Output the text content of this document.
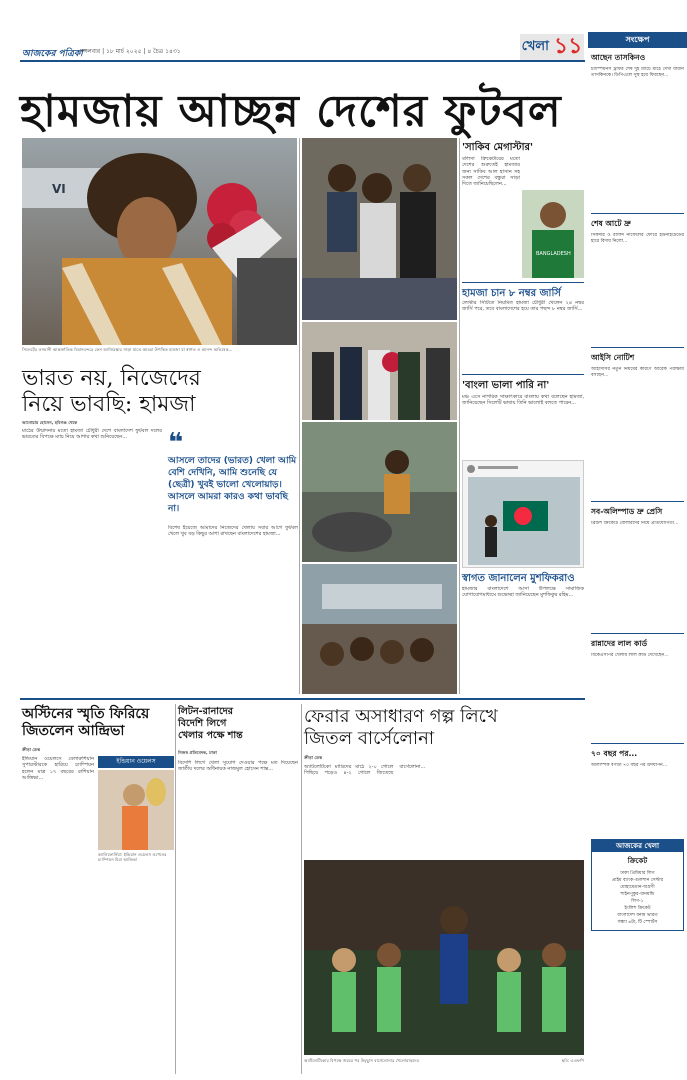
আজকের পত্রিকা
মঙ্গলবার | ১৮ মার্চ ২০২৫ | ৪ চৈত্র ১৪৩১	খেলা ১১
হামজায় আচ্ছন্ন দেশের ফুটবল
VI
সিলেটের ওসমানী আন্তর্জাতিক বিমানবন্দরে ফেন আর্জিরস্কার সাড়া যাতে আমরা উপস্থিত হামজা যা স্বাগত ও আনন্দ অভিষেক...
ভারত নয়, নিজেদের
নিয়ে ভাবছি: হামজা
আনোয়ার হোসেন, হবিগঞ্জ থেকে
মাঠের উন্মাদনার মতো হামজা চৌধুরী দেশে বাংলাদেশ ফুটবল দলের ভারতের বিপক্ষে ম্যাচ নিয়ে আশার কথা শুনিয়েছেন...	❝
আসলে তাদের (ভারত) খেলা আমি বেশি দেখিনি, আমি শুনেছি যে (ছেত্রী) খুবই ভালো খেলোয়াড়। আসলে আমরা কারও কথা ভাবছি না।
বিশেষ ইয়েজে আমাদের নিজেদের খেলায় সবার আগে ফুটবল খেলে খুব বড় কিছুর আশা রাখছেন বাংলাদেশের হামজা...
'সাকিব মেগাস্টার'
বলিসা ক্রিকেটারের মতো দেশের শুরুতেই হামজার জন্য সাকিব আল হাসান সহ সকল দেশের বন্ধুরা সাড়া দিতে জানিয়েছিলেন...
BANGLADESH
হামজা চান ৮ নম্বর জার্সি
লেস্টার সিটিতে নিয়মিত হামজা চৌধুরী খেলেন ২৪ নম্বর জার্সি পরে, তবে বাংলাদেশের হয়ে তার পছন্দ ৮ নম্বর জার্সি...
'বাংলা ভালা পারি না'
মঞ্চ এসে নাগরিক সাক্ষাৎকারে বাংলায় কথা বলেছেন হামজা, জানিয়েছেন সিলেটি ভাষায় তিনি ভালোই বলতে পারেন...
স্বাগত জানালেন মুশফিকরাও
হামজার বাংলাদেশে আসা উপলক্ষে সামাজিক যোগাযোগমাধ্যমে শুভেচ্ছা জানিয়েছেন মুশফিকুর রহিম...
অস্টিনের স্মৃতি ফিরিয়ে
জিতলেন আন্দ্রিভা
ক্রীড়া ডেস্ক
ইন্ডিয়ান ওয়েলসে বেলারুশিয়ান সুপারস্টারকে হারিয়ে চ্যাম্পিয়ন হলেন মাত্র ১৭ বছরের রাশিয়ান আন্দ্রিভা...
ইন্ডিয়ান ওয়েলস
ক্যালিফোর্নিয়া: ইন্ডিয়ান ওয়েলস ওপেনের চ্যাম্পিয়ন মিরা আন্দ্রিভা
লিটন-রানাদের
বিদেশি লিগে
খেলার পক্ষে শান্ত
নিজস্ব প্রতিবেদক, ঢাকা
বিদেশি লিগে খেলা সুযোগ দেওয়ার পক্ষে মত দিয়েছেন জাতীয় দলের অধিনায়ক নাজমুল হোসেন শান্ত...
ফেরার অসাধারণ গল্প লিখে
জিতল বার্সেলোনা
ক্রীড়া ডেস্ক
অ্যাটলেটিকো মাদ্রিদের মাঠে ২-০ গোলে পিছিয়ে পড়েও ৪-২ গোলে জিতেছে বার্সেলোনা...
অ্যাটলেটিকোর বিপক্ষে জয়ের পর উচ্ছ্বাস বার্সেলোনার খেলোয়াড়দের	ছবি: এএফপি
সংক্ষেপ
আছেন তাসকিনও
চ্যাম্পিয়নস ট্রফির শেষ দুই ম্যাচে মাঠে দেখা যায়নি তাসকিনকে। ডিপিএলে সুস্থ হয়ে ফিরছেন...
শেষ আটে দ্রু
সিকদার ও রাফিদ নাফেলের ফোরে ইউনাইটেডের হারে বিদায় নিলো...
আইসি নোটিশ
আইসিসির নতুন নিয়মের কারণে আরেক পরীক্ষায় বসছেন...
সব-অলিম্পাড দ্রু প্রেসি
ব্রিটিশ ক্রিকেটে বোলারদের নিয়ে প্রতিযোগিতা...
রান্নাদের লাল কার্ড
বিকেএসপির খেলায় লাল কার্ড দেখেছেন...
৭০ বছর পর...
অলিম্পিক বর্ণাঢ্য ৭০ বছর পর উদযাপন...
আজকের খেলা
ক্রিকেট
ঢাকা প্রিমিয়ার লিগ
প্রাইম ব্যাংক-গুলশান সেন্টার
মোহামেডান-অগ্রণী
শাইনপুকুর-ধানমন্ডি
লিগ-১
ইংলিশ ক্রিকেট
বাংলাদেশ বনাম ভারত
সন্ধ্যা ৬টা, টি স্পোর্টস
